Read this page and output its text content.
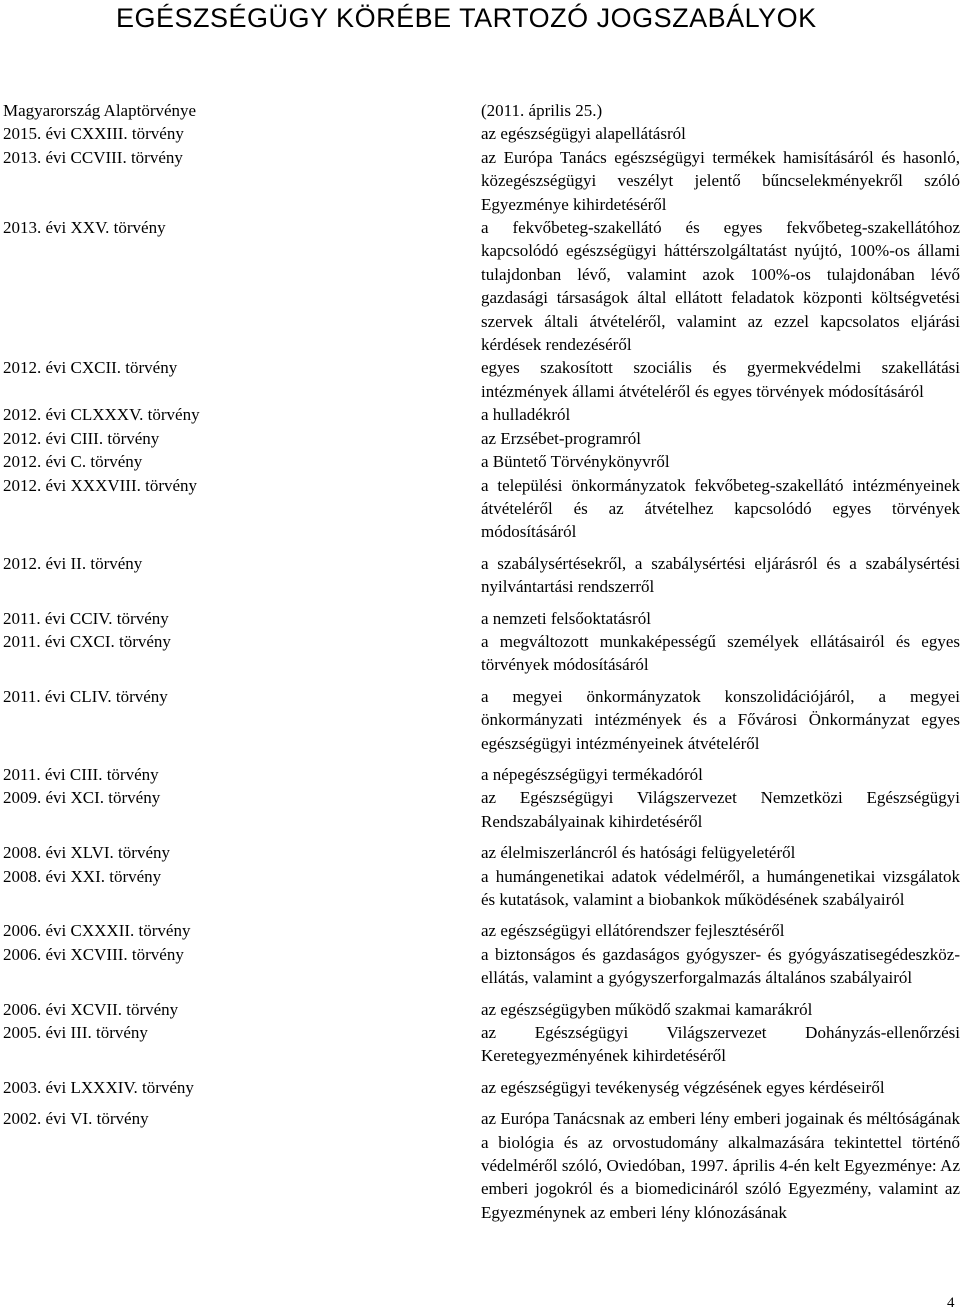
EGÉSZSÉGÜGY KÖRÉBE TARTOZÓ JOGSZABÁLYOK
Magyarország Alaptörvénye	(2011. április 25.)
2015. évi CXXIII. törvény	az egészségügyi alapellátásról
2013. évi CCVIII. törvény	az Európa Tanács egészségügyi termékek hamisításáról és hasonló, közegészségügyi veszélyt jelentő bűncselekményekről szóló Egyezménye kihirdetéséről
2013. évi XXV. törvény	a fekvőbeteg-szakellátó és egyes fekvőbeteg-szakellátóhoz kapcsolódó egészségügyi háttérszolgáltatást nyújtó, 100%-os állami tulajdonban lévő, valamint azok 100%-os tulajdonában lévő gazdasági társaságok által ellátott feladatok központi költségvetési szervek általi átvételéről, valamint az ezzel kapcsolatos eljárási kérdések rendezéséről
2012. évi CXCII. törvény	egyes szakosított szociális és gyermekvédelmi szakellátási intézmények állami átvételéről és egyes törvények módosításáról
2012. évi CLXXXV. törvény	a hulladékról
2012. évi CIII. törvény	az Erzsébet-programról
2012. évi C. törvény	a Büntető Törvénykönyvről
2012. évi XXXVIII. törvény	a települési önkormányzatok fekvőbeteg-szakellátó intézményeinek átvételéről és az átvételhez kapcsolódó egyes törvények módosításáról
2012. évi II. törvény	a szabálysértésekről, a szabálysértési eljárásról és a szabálysértési nyilvántartási rendszerről
2011. évi CCIV. törvény	a nemzeti felsőoktatásról
2011. évi CXCI. törvény	a megváltozott munkaképességű személyek ellátásairól és egyes törvények módosításáról
2011. évi CLIV. törvény	a megyei önkormányzatok konszolidációjáról, a megyei önkormányzati intézmények és a Fővárosi Önkormányzat egyes egészségügyi intézményeinek átvételéről
2011. évi CIII. törvény	a népegészségügyi termékadóról
2009. évi XCI. törvény	az Egészségügyi Világszervezet Nemzetközi Egészségügyi Rendszabályainak kihirdetéséről
2008. évi XLVI. törvény	az élelmiszerláncról és hatósági felügyeletéről
2008. évi XXI. törvény	a humángenetikai adatok védelméről, a humángenetikai vizsgálatok és kutatások, valamint a biobankok működésének szabályairól
2006. évi CXXXII. törvény	az egészségügyi ellátórendszer fejlesztéséről
2006. évi XCVIII. törvény	a biztonságos és gazdaságos gyógyszer- és gyógyászatisegédeszköz-ellátás, valamint a gyógyszerforgalmazás általános szabályairól
2006. évi XCVII. törvény	az egészségügyben működő szakmai kamarákról
2005. évi III. törvény	az Egészségügyi Világszervezet Dohányzás-ellenőrzési Keretegyezményének kihirdetéséről
2003. évi LXXXIV. törvény	az egészségügyi tevékenység végzésének egyes kérdéseiről
2002. évi VI. törvény	az Európa Tanácsnak az emberi lény emberi jogainak és méltóságának a biológia és az orvostudomány alkalmazására tekintettel történő védelméről szóló, Oviedóban, 1997. április 4-én kelt Egyezménye: Az emberi jogokról és a biomedicináról szóló Egyezmény, valamint az Egyezménynek az emberi lény klónozásának
4
